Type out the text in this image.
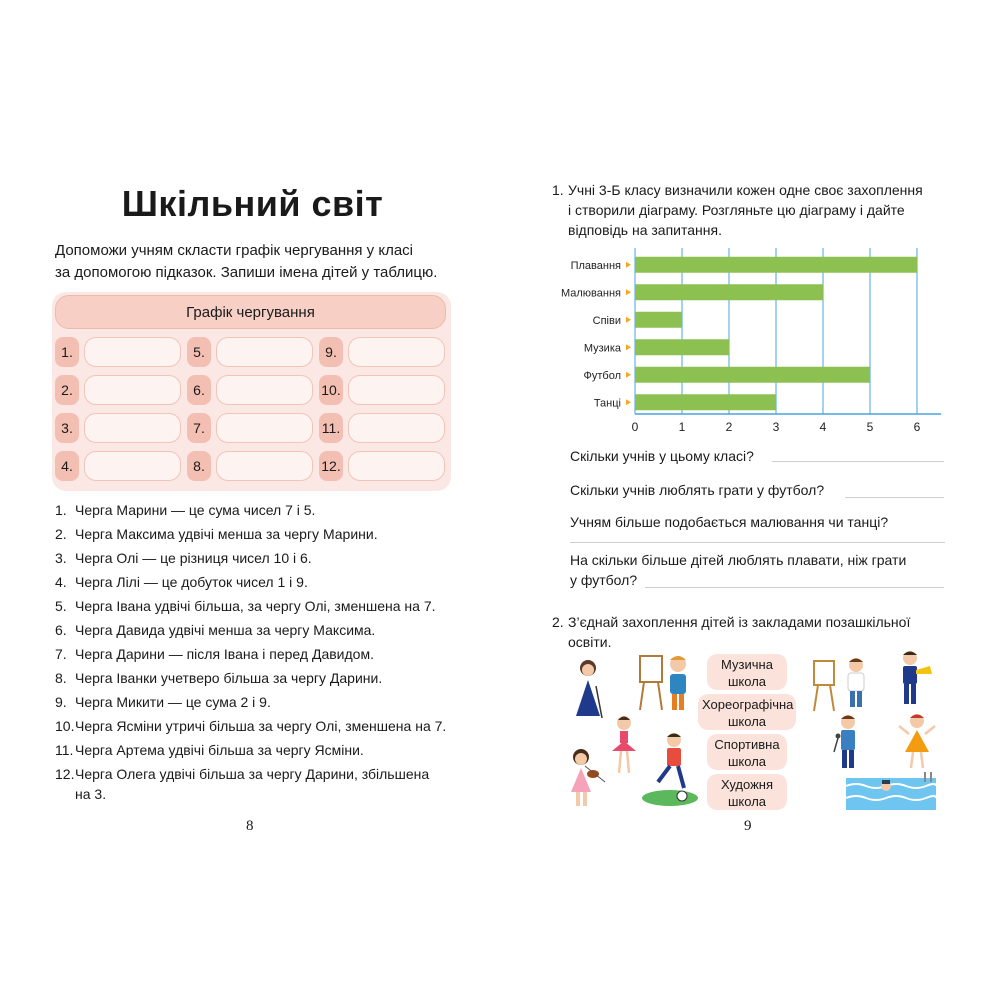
Шкільний світ

Допоможи учням скласти графік чергування у класі
за допомогою підказок. Запиши імена дітей у таблицю.

Графік чергування
1.
2.
3.
4.
5.
6.
7.
8.
9.
10.
11.
12.
1. Черга Марини — це сума чисел 7 і 5.
2. Черга Максима удвічі менша за чергу Марини.
3. Черга Олі — це різниця чисел 10 і 6.
4. Черга Лілі — це добуток чисел 1 і 9.
5. Черга Івана удвічі більша, за чергу Олі, зменшена на 7.
6. Черга Давида удвічі менша за чергу Максима.
7. Черга Дарини — після Івана і перед Давидом.
8. Черга Іванки учетверо більша за чергу Дарини.
9. Черга Микити — це сума 2 і 9.
10. Черга Ясміни утричі більша за чергу Олі, зменшена на 7.
11. Черга Артема удвічі більша за чергу Ясміни.
12. Черга Олега удвічі більша за чергу Дарини, збільшена
на 3.
8
1. Учні 3-Б класу визначили кожен одне своє захоплення
і створили діаграму. Розгляньте цю діаграму і дайте
відповідь на запитання.
0	1	2	3	4	5	6
Плавання
Малювання
Співи
Музика
Футбол
Танці

Скільки учнів у цьому класі?

Скільки учнів люблять грати у футбол?

Учням більше подобається малювання чи танці?

На скільки більше дітей люблять плавати, ніж грати
у футбол?

2. З’єднай захоплення дітей із закладами позашкільної
освіти.
Музична школа
Хореографічна школа
Спортивна школа
Художня школа
9
